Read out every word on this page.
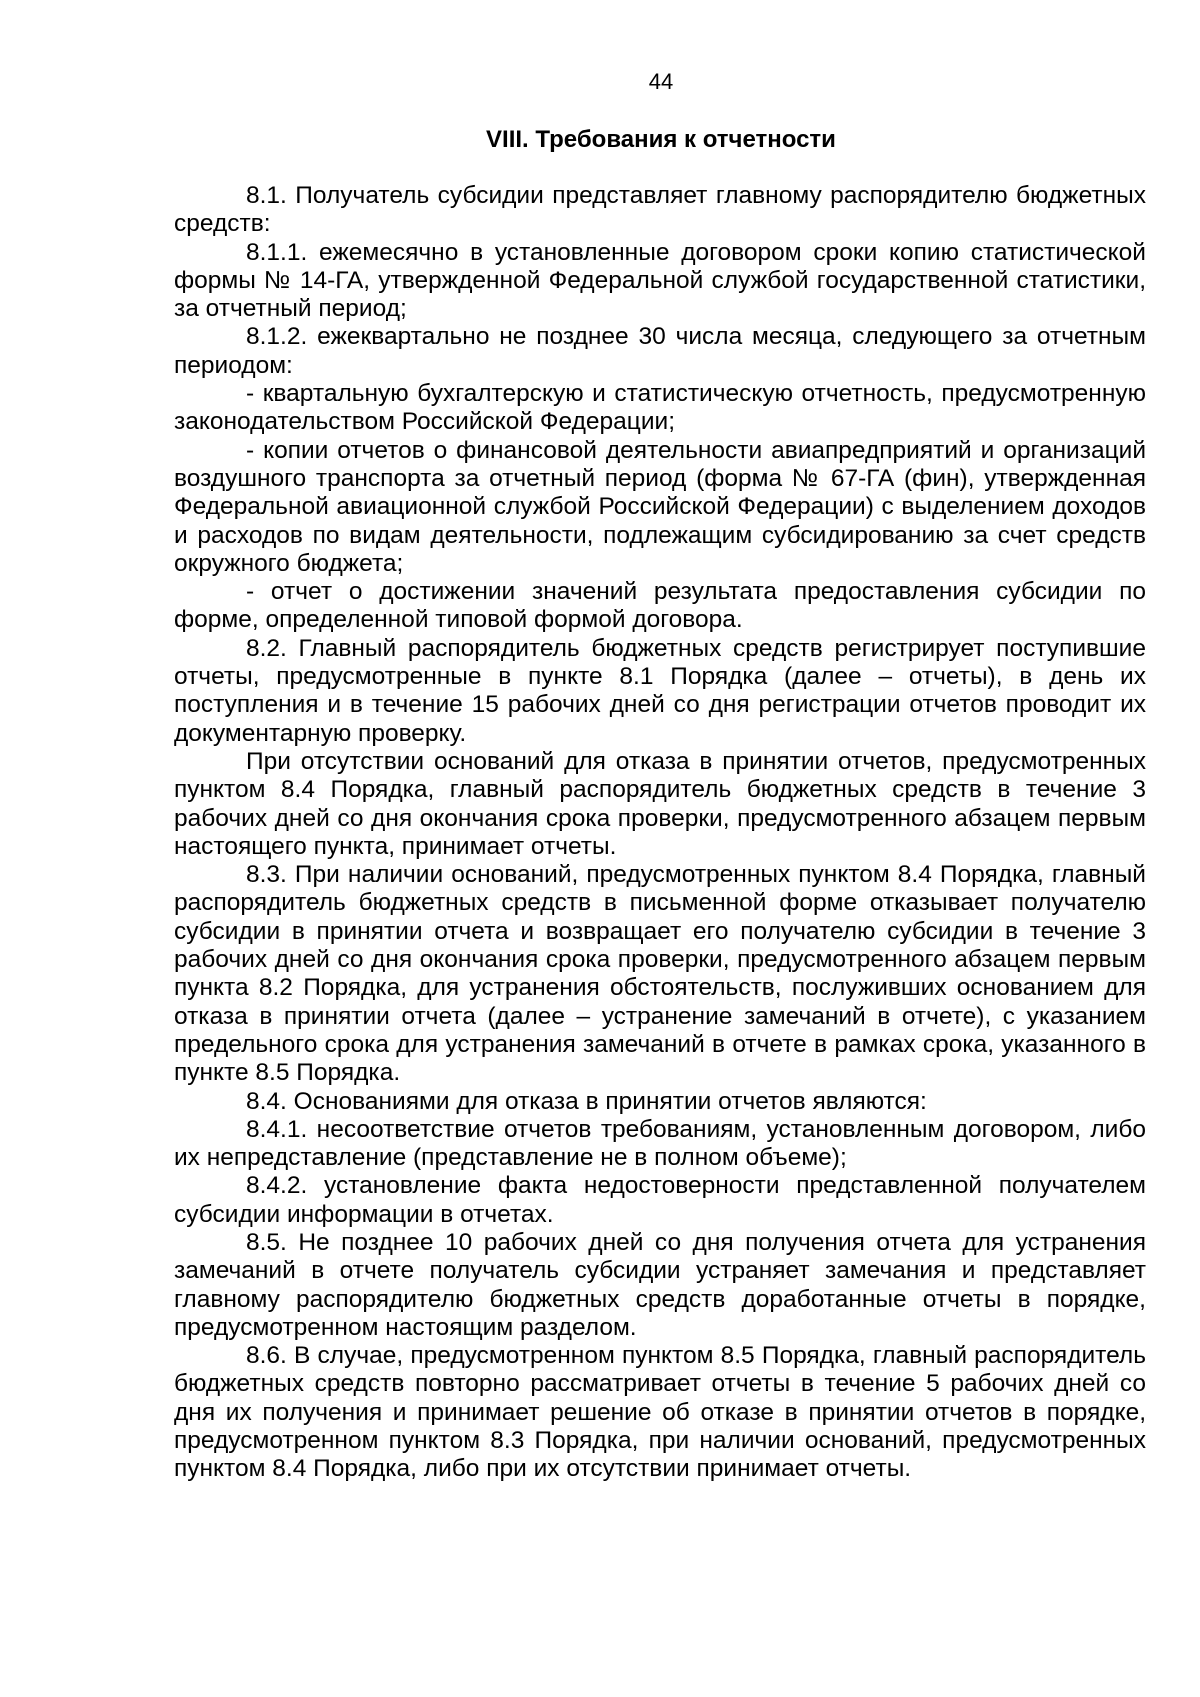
44
VIII. Требования к отчетности

8.1. Получатель субсидии представляет главному распорядителю бюджетных средств:

8.1.1. ежемесячно в установленные договором сроки копию статистической формы № 14-ГА, утвержденной Федеральной службой государственной статистики, за отчетный период;

8.1.2. ежеквартально не позднее 30 числа месяца, следующего за отчетным периодом:

- квартальную бухгалтерскую и статистическую отчетность, предусмотренную законодательством Российской Федерации;

- копии отчетов о финансовой деятельности авиапредприятий и организаций воздушного транспорта за отчетный период (форма № 67-ГА (фин), утвержденная Федеральной авиационной службой Российской Федерации) с выделением доходов и расходов по видам деятельности, подлежащим субсидированию за счет средств окружного бюджета;

- отчет о достижении значений результата предоставления субсидии по форме, определенной типовой формой договора.

8.2. Главный распорядитель бюджетных средств регистрирует поступившие отчеты, предусмотренные в пункте 8.1 Порядка (далее – отчеты), в день их поступления и в течение 15 рабочих дней со дня регистрации отчетов проводит их документарную проверку.

При отсутствии оснований для отказа в принятии отчетов, предусмотренных пунктом 8.4 Порядка, главный распорядитель бюджетных средств в течение 3 рабочих дней со дня окончания срока проверки, предусмотренного абзацем первым настоящего пункта, принимает отчеты.

8.3. При наличии оснований, предусмотренных пунктом 8.4 Порядка, главный распорядитель бюджетных средств в письменной форме отказывает получателю субсидии в принятии отчета и возвращает его получателю субсидии в течение 3 рабочих дней со дня окончания срока проверки, предусмотренного абзацем первым пункта 8.2 Порядка, для устранения обстоятельств, послуживших основанием для отказа в принятии отчета (далее – устранение замечаний в отчете), с указанием предельного срока для устранения замечаний в отчете в рамках срока, указанного в пункте 8.5 Порядка.

8.4. Основаниями для отказа в принятии отчетов являются:

8.4.1. несоответствие отчетов требованиям, установленным договором, либо их непредставление (представление не в полном объеме);

8.4.2. установление факта недостоверности представленной получателем субсидии информации в отчетах.

8.5. Не позднее 10 рабочих дней со дня получения отчета для устранения замечаний в отчете получатель субсидии устраняет замечания и представляет главному распорядителю бюджетных средств доработанные отчеты в порядке, предусмотренном настоящим разделом.

8.6. В случае, предусмотренном пунктом 8.5 Порядка, главный распорядитель бюджетных средств повторно рассматривает отчеты в течение 5 рабочих дней со дня их получения и принимает решение об отказе в принятии отчетов в порядке, предусмотренном пунктом 8.3 Порядка, при наличии оснований, предусмотренных пунктом 8.4 Порядка, либо при их отсутствии принимает отчеты.
